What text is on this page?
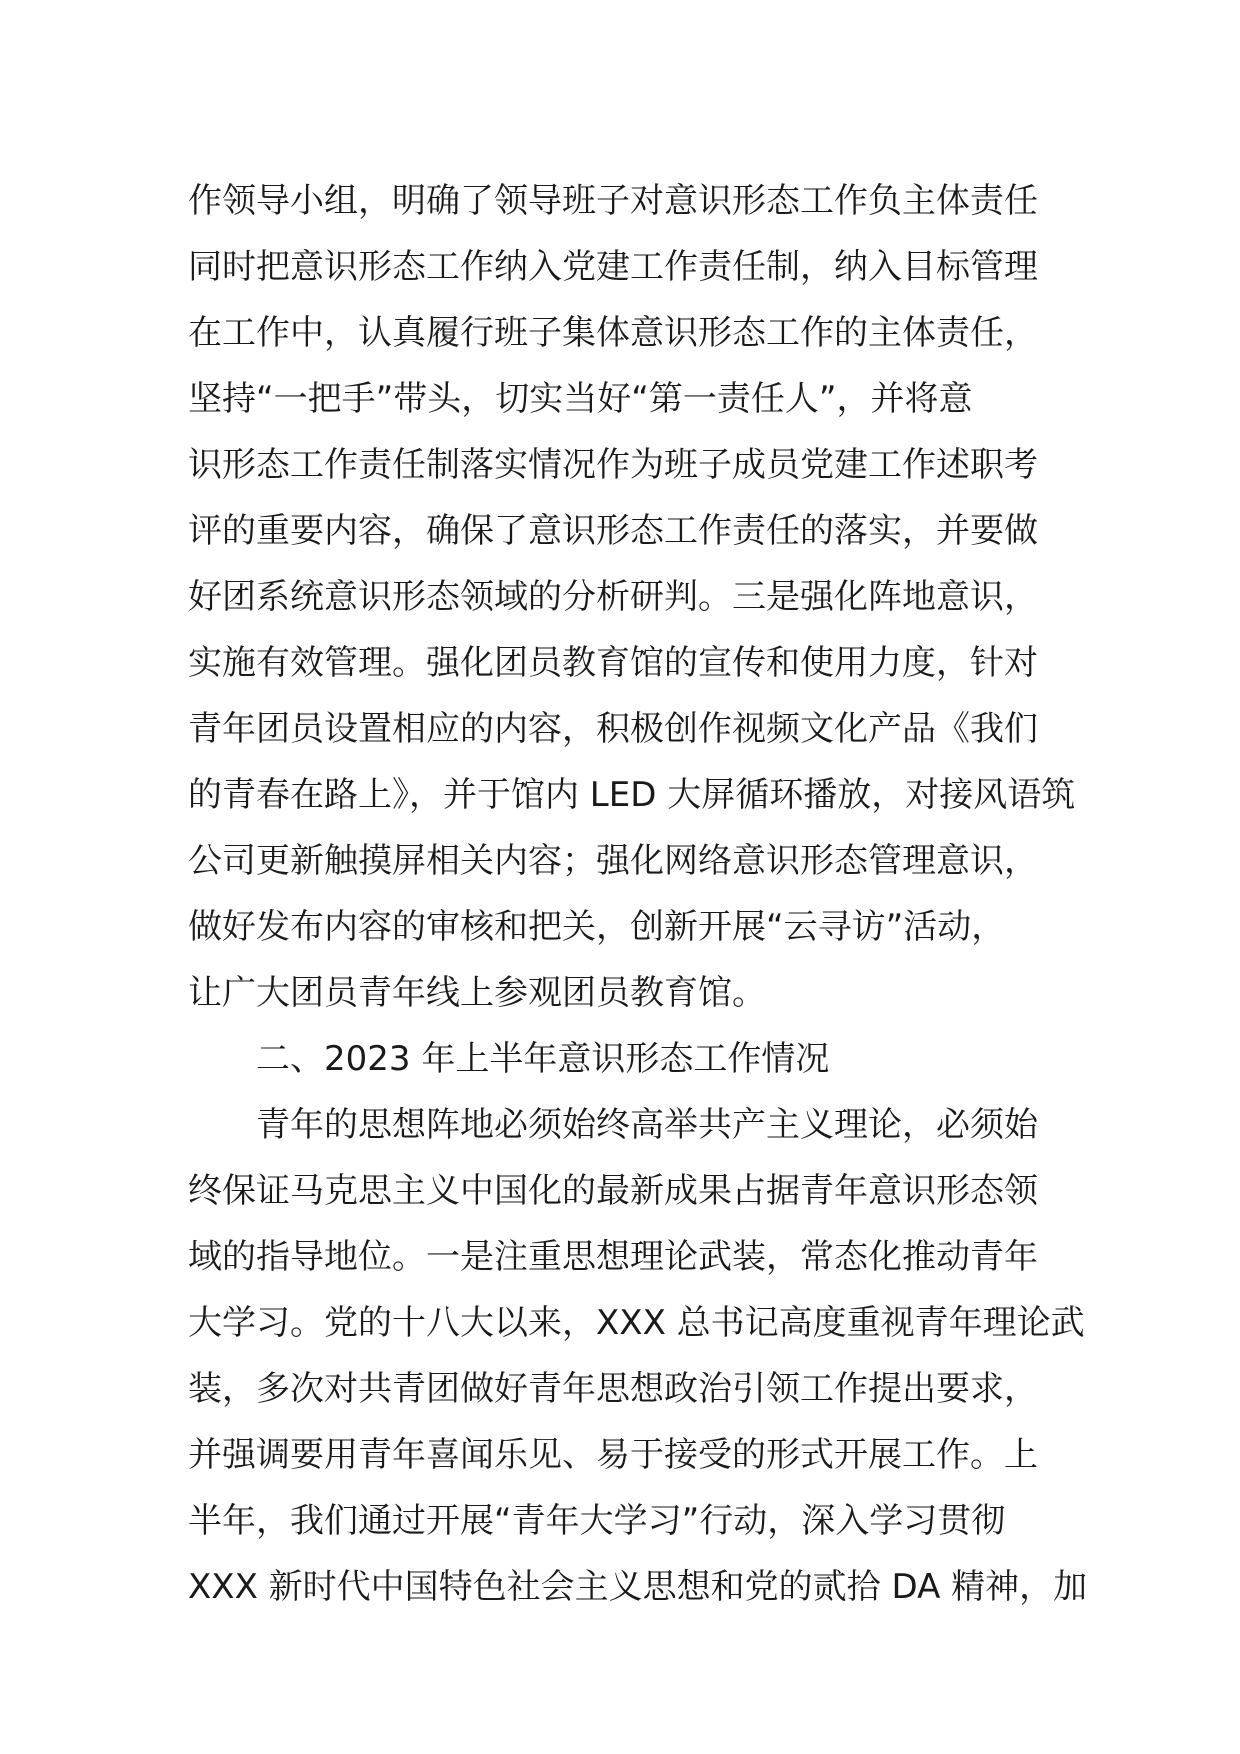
作领导小组，明确了领导班子对意识形态工作负主体责任
同时把意识形态工作纳入党建工作责任制，纳入目标管理
在工作中，认真履行班子集体意识形态工作的主体责任，
坚持“一把手”带头，切实当好“第一责任人”，并将意
识形态工作责任制落实情况作为班子成员党建工作述职考
评的重要内容，确保了意识形态工作责任的落实，并要做
好团系统意识形态领域的分析研判。三是强化阵地意识，
实施有效管理。强化团员教育馆的宣传和使用力度，针对
青年团员设置相应的内容，积极创作视频文化产品《我们
的青春在路上》，并于馆内 LED 大屏循环播放，对接风语筑
公司更新触摸屏相关内容；强化网络意识形态管理意识，
做好发布内容的审核和把关，创新开展“云寻访”活动，
让广大团员青年线上参观团员教育馆。
二、2023 年上半年意识形态工作情况
青年的思想阵地必须始终高举共产主义理论，必须始
终保证马克思主义中国化的最新成果占据青年意识形态领
域的指导地位。一是注重思想理论武装，常态化推动青年
大学习。党的十八大以来，XXX 总书记高度重视青年理论武
装，多次对共青团做好青年思想政治引领工作提出要求，
并强调要用青年喜闻乐见、易于接受的形式开展工作。上
半年，我们通过开展“青年大学习”行动，深入学习贯彻
XXX 新时代中国特色社会主义思想和党的贰拾 DA 精神，加
